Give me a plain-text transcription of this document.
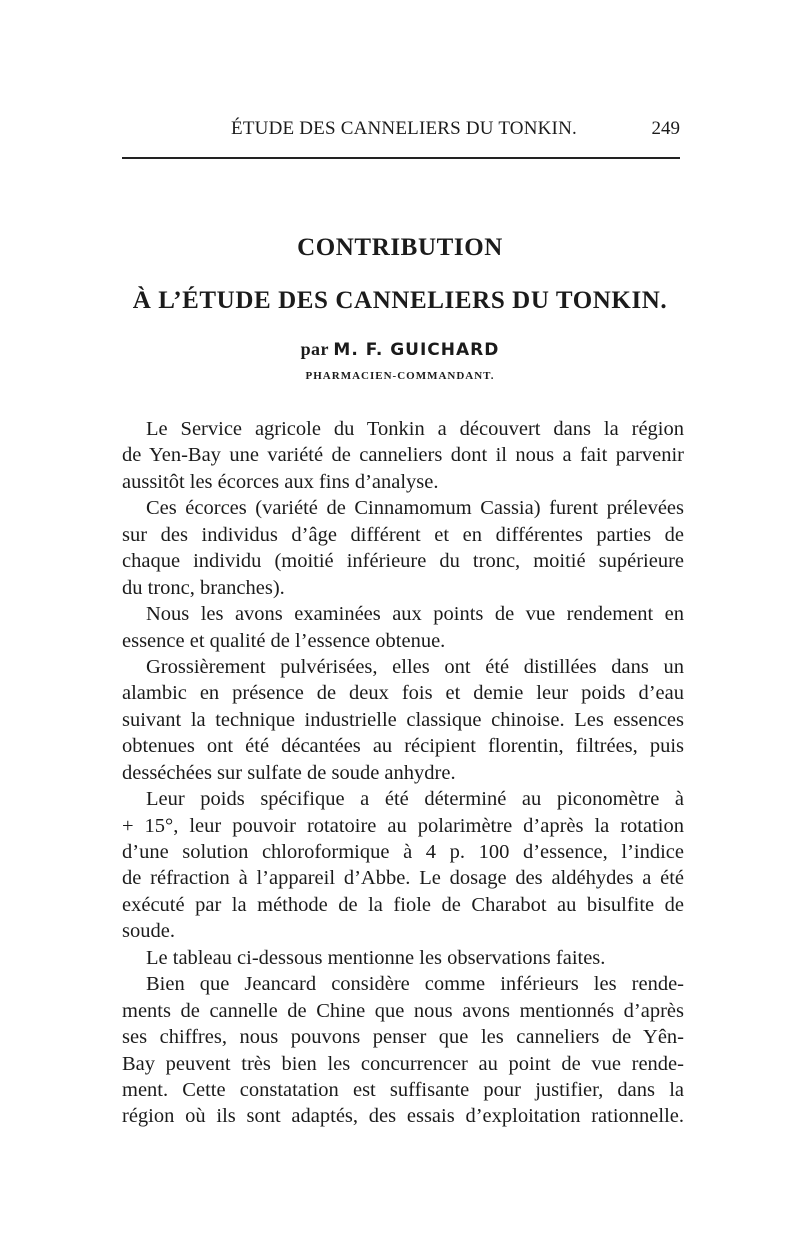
ÉTUDE DES CANNELIERS DU TONKIN.	249
CONTRIBUTION
À L’ÉTUDE DES CANNELIERS DU TONKIN.
par M. F. GUICHARD
PHARMACIEN-COMMANDANT.
Le Service agricole du Tonkin a découvert dans la région
de Yen-Bay une variété de canneliers dont il nous a fait parvenir
aussitôt les écorces aux fins d’analyse.
Ces écorces (variété de Cinnamomum Cassia) furent prélevées
sur des individus d’âge différent et en différentes parties de
chaque individu (moitié inférieure du tronc, moitié supérieure
du tronc, branches).
Nous les avons examinées aux points de vue rendement en
essence et qualité de l’essence obtenue.
Grossièrement pulvérisées, elles ont été distillées dans un
alambic en présence de deux fois et demie leur poids d’eau
suivant la technique industrielle classique chinoise. Les essences
obtenues ont été décantées au récipient florentin, filtrées, puis
desséchées sur sulfate de soude anhydre.
Leur poids spécifique a été déterminé au piconomètre à
+ 15°, leur pouvoir rotatoire au polarimètre d’après la rotation
d’une solution chloroformique à 4 p. 100 d’essence, l’indice
de réfraction à l’appareil d’Abbe. Le dosage des aldéhydes a été
exécuté par la méthode de la fiole de Charabot au bisulfite de
soude.
Le tableau ci-dessous mentionne les observations faites.
Bien que Jeancard considère comme inférieurs les rende-
ments de cannelle de Chine que nous avons mentionnés d’après
ses chiffres, nous pouvons penser que les canneliers de Yên-
Bay peuvent très bien les concurrencer au point de vue rende-
ment. Cette constatation est suffisante pour justifier, dans la
région où ils sont adaptés, des essais d’exploitation rationnelle.
